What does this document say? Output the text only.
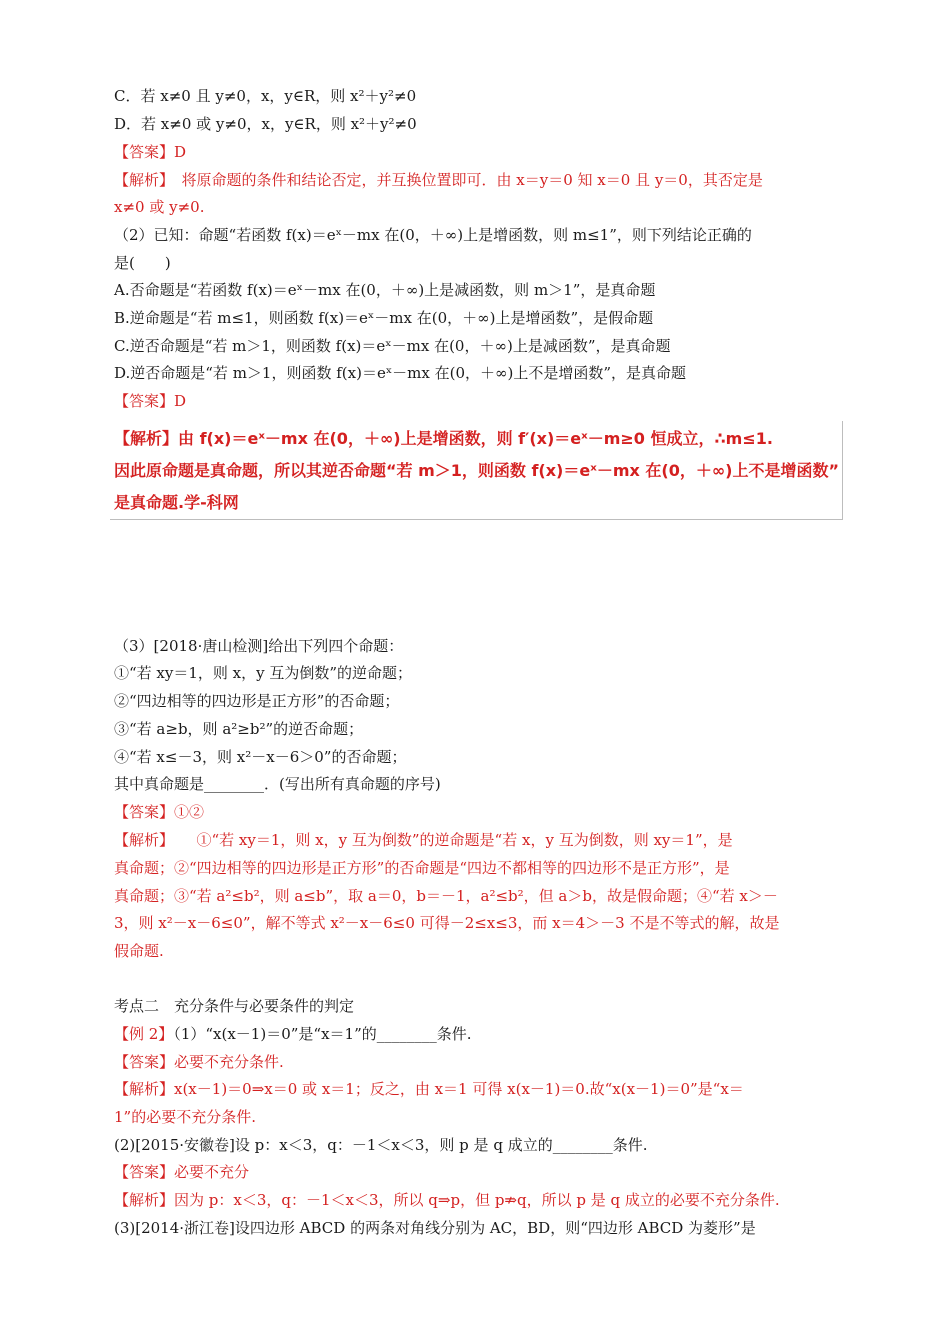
C．若 x≠0 且 y≠0，x，y∈R，则 x²＋y²≠0
D．若 x≠0 或 y≠0，x，y∈R，则 x²＋y²≠0
【答案】D
【解析】　将原命题的条件和结论否定，并互换位置即可．由 x＝y＝0 知 x＝0 且 y＝0，其否定是
x≠0 或 y≠0.
（2）已知：命题“若函数 f(x)＝eˣ－mx 在(0，＋∞)上是增函数，则 m≤1”，则下列结论正确的
是(　　)
A.否命题是“若函数 f(x)＝eˣ－mx 在(0，＋∞)上是减函数，则 m＞1”，是真命题
B.逆命题是“若 m≤1，则函数 f(x)＝eˣ－mx 在(0，＋∞)上是增函数”，是假命题
C.逆否命题是“若 m＞1，则函数 f(x)＝eˣ－mx 在(0，＋∞)上是减函数”，是真命题
D.逆否命题是“若 m＞1，则函数 f(x)＝eˣ－mx 在(0，＋∞)上不是增函数”，是真命题
【答案】D
【解析】由 f(x)＝eˣ－mx 在(0，＋∞)上是增函数，则 f′(x)＝eˣ－m≥0 恒成立，∴m≤1.
因此原命题是真命题，所以其逆否命题“若 m＞1，则函数 f(x)＝eˣ－mx 在(0，＋∞)上不是增函数”
是真命题.学-科网
（3）[2018·唐山检测]给出下列四个命题：
①“若 xy＝1，则 x，y 互为倒数”的逆命题；
②“四边相等的四边形是正方形”的否命题；
③“若 a≥b，则 a²≥b²”的逆否命题；
④“若 x≤－3，则 x²－x－6＞0”的否命题；
其中真命题是________．(写出所有真命题的序号)
【答案】①②
【解析】　　①“若 xy＝1，则 x，y 互为倒数”的逆命题是“若 x，y 互为倒数，则 xy＝1”，是
真命题；②“四边相等的四边形是正方形”的否命题是“四边不都相等的四边形不是正方形”，是
真命题；③“若 a²≤b²，则 a≤b”，取 a＝0，b＝－1，a²≤b²，但 a＞b，故是假命题；④“若 x＞－
3，则 x²－x－6≤0”，解不等式 x²－x－6≤0 可得－2≤x≤3，而 x＝4＞－3 不是不等式的解，故是
假命题.
考点二　充分条件与必要条件的判定
【例 2】（1）“x(x－1)＝0”是“x＝1”的________条件.
【答案】必要不充分条件.
【解析】x(x－1)＝0⇒x＝0 或 x＝1；反之，由 x＝1 可得 x(x－1)＝0.故“x(x－1)＝0”是“x＝
1”的必要不充分条件.
(2)[2015·安徽卷]设 p：x＜3，q：－1＜x＜3，则 p 是 q 成立的________条件.
【答案】必要不充分
【解析】因为 p：x＜3，q：－1＜x＜3，所以 q⇒p，但 p⇏q，所以 p 是 q 成立的必要不充分条件.
(3)[2014·浙江卷]设四边形 ABCD 的两条对角线分别为 AC，BD，则“四边形 ABCD 为菱形”是
